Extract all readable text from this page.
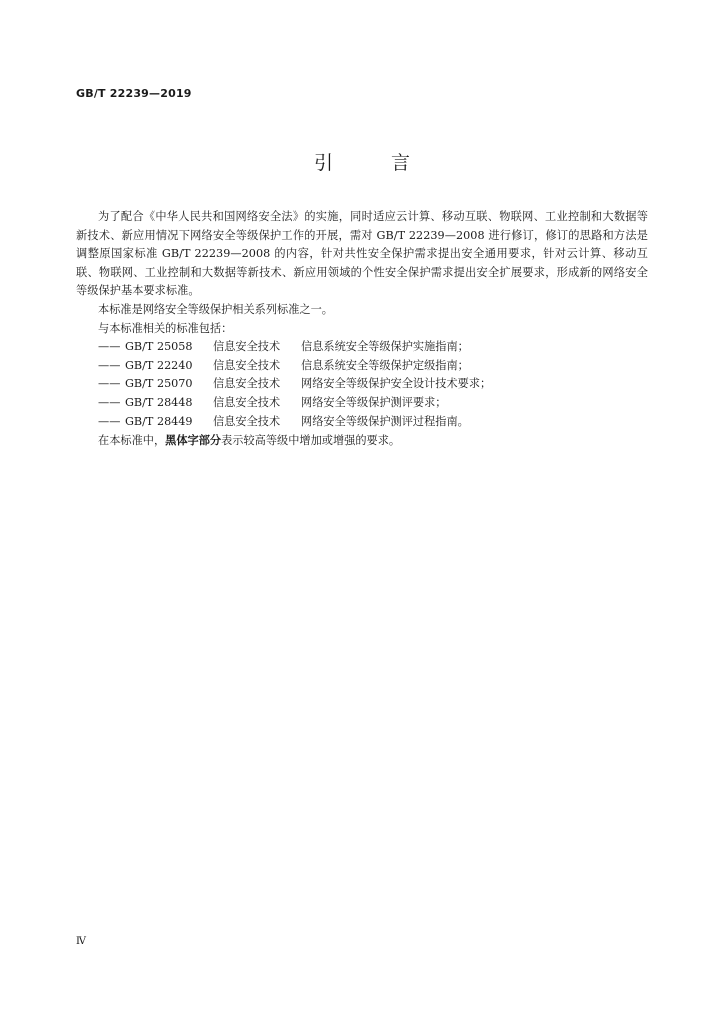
GB/T 22239—2019
引 言

为了配合《中华人民共和国网络安全法》的实施，同时适应云计算、移动互联、物联网、工业控制和大数据等新技术、新应用情况下网络安全等级保护工作的开展，需对 GB/T 22239—2008 进行修订，修订的思路和方法是调整原国家标准 GB/T 22239—2008 的内容，针对共性安全保护需求提出安全通用要求，针对云计算、移动互联、物联网、工业控制和大数据等新技术、新应用领域的个性安全保护需求提出安全扩展要求，形成新的网络安全等级保护基本要求标准。

本标准是网络安全等级保护相关系列标准之一。

与本标准相关的标准包括：

—— GB/T 25058 信息安全技术 信息系统安全等级保护实施指南；
—— GB/T 22240 信息安全技术 信息系统安全等级保护定级指南；
—— GB/T 25070 信息安全技术 网络安全等级保护安全设计技术要求；
—— GB/T 28448 信息安全技术 网络安全等级保护测评要求；
—— GB/T 28449 信息安全技术 网络安全等级保护测评过程指南。

在本标准中，黑体字部分表示较高等级中增加或增强的要求。

Ⅳ
